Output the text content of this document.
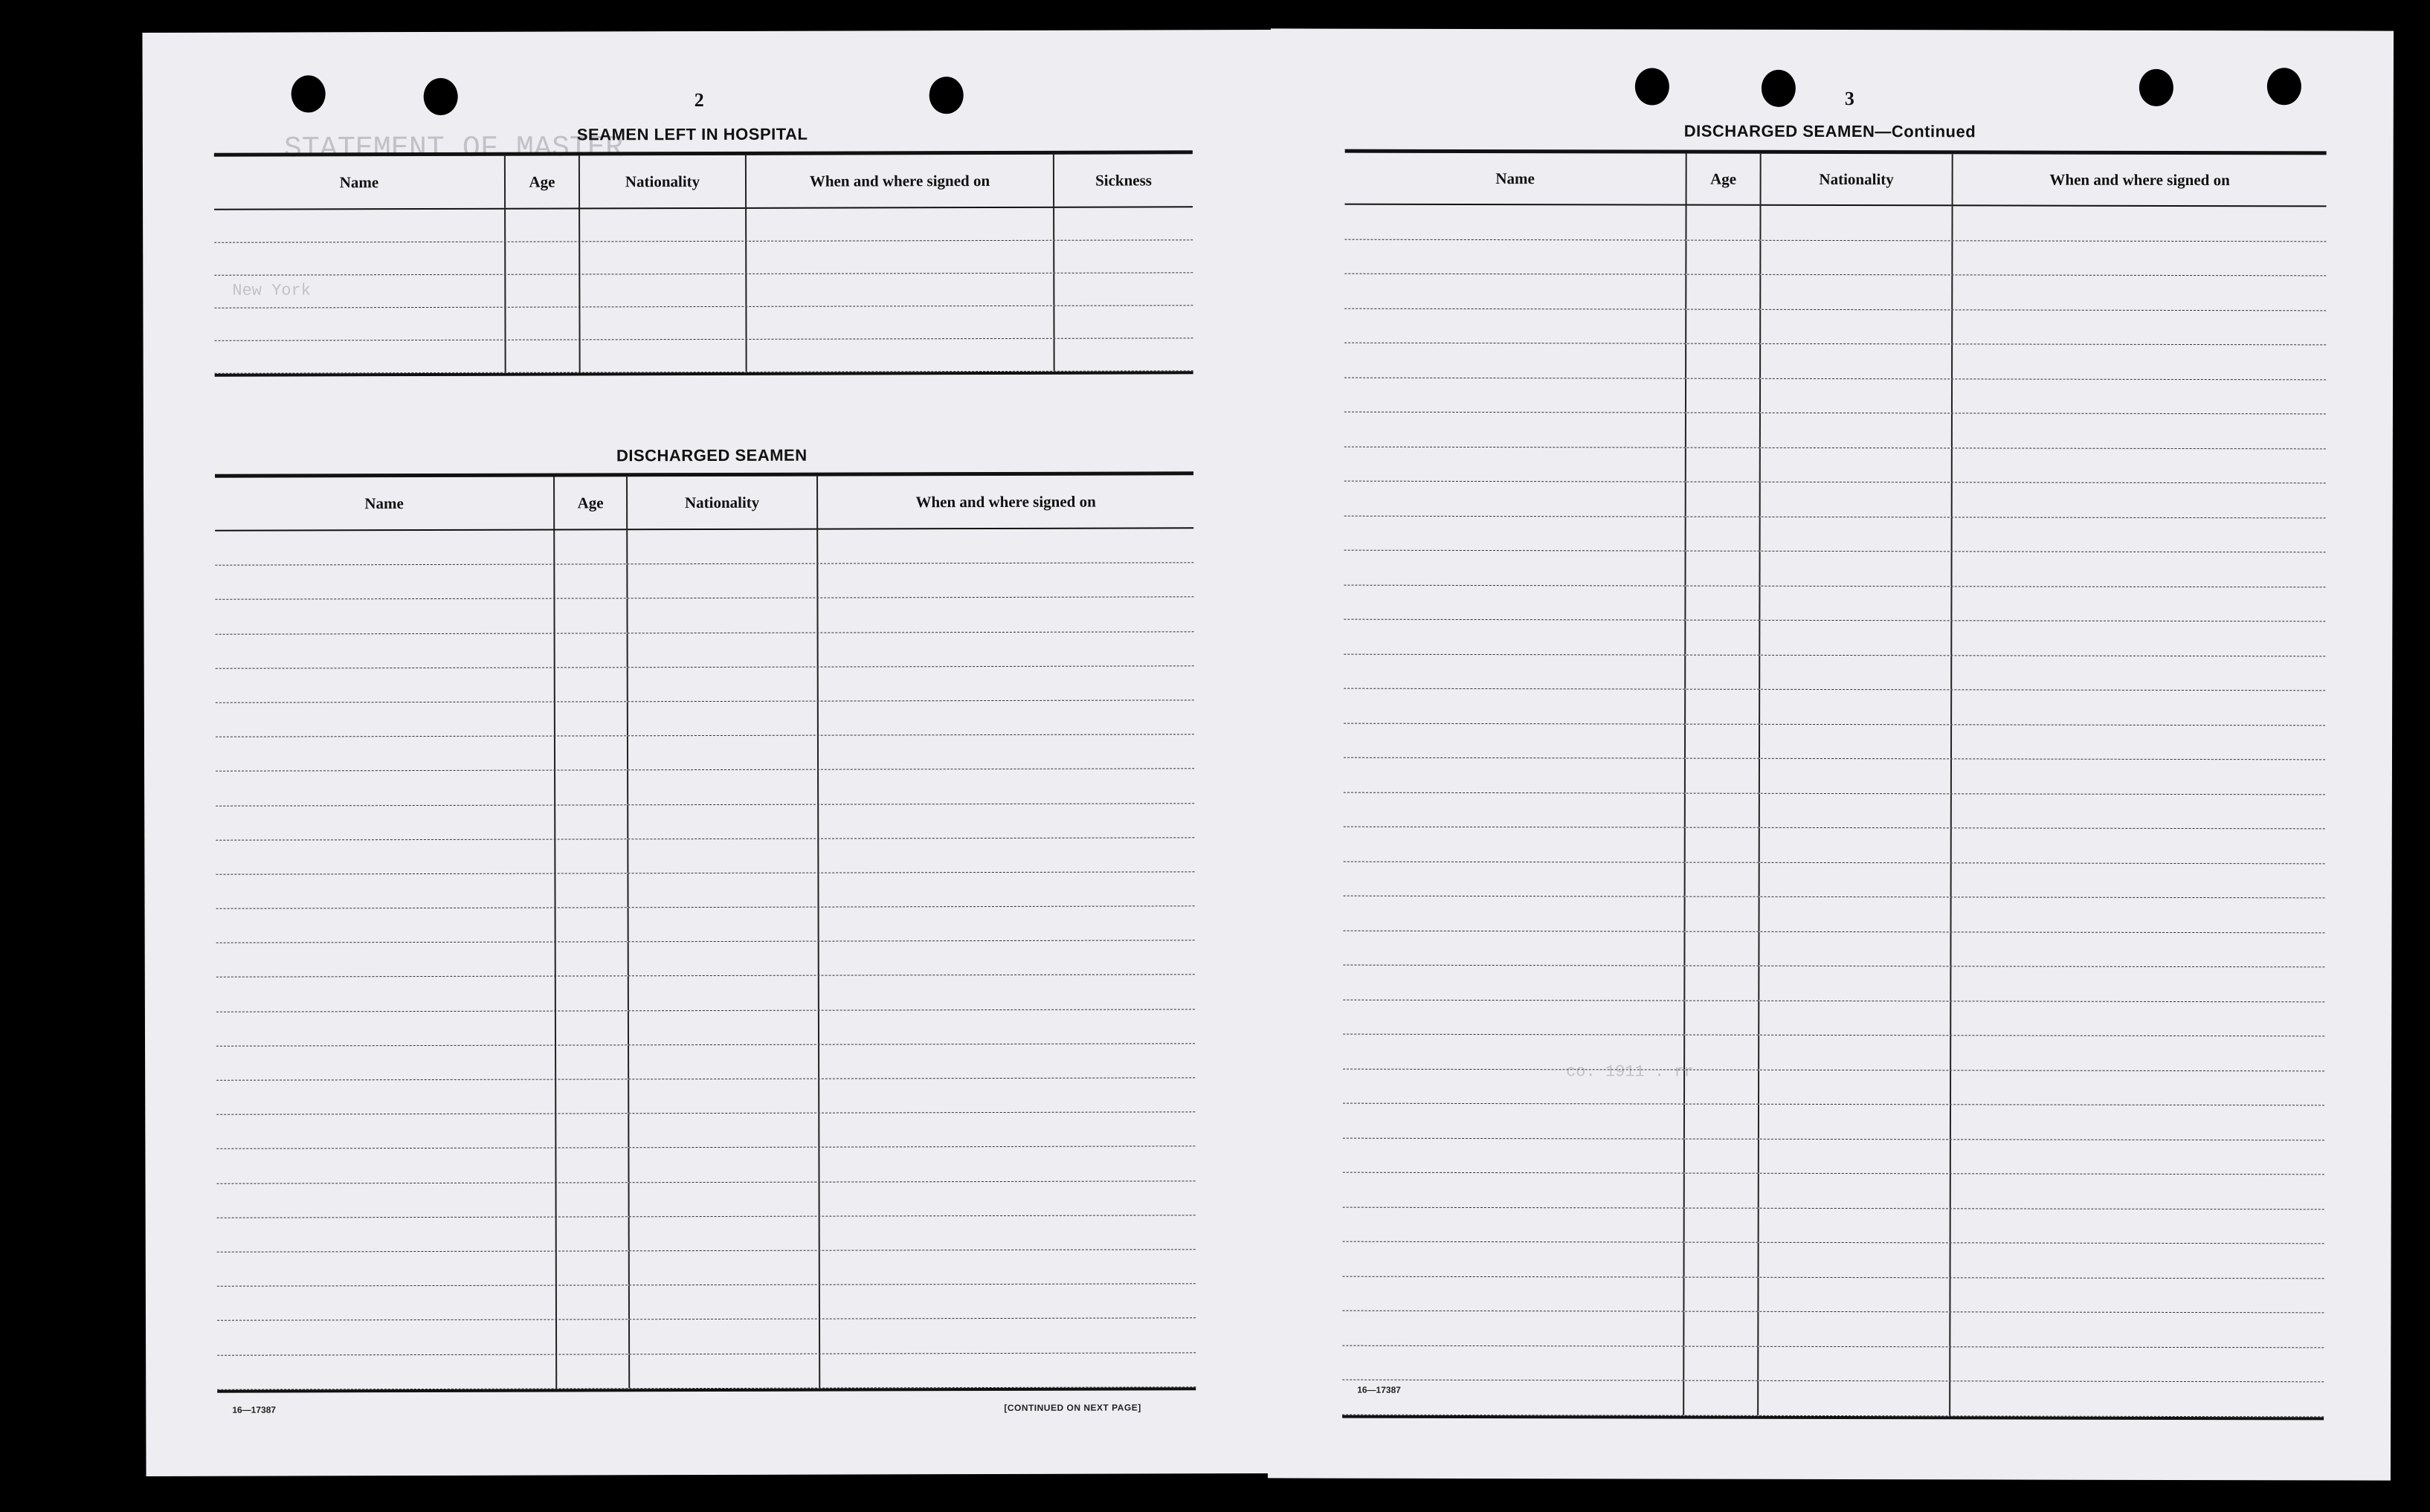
STATEMENT OF MASTER
New York
2
SEAMEN LEFT IN HOSPITAL
Name	Age	Nationality	When and where signed on	Sickness
DISCHARGED SEAMEN
Name	Age	Nationality	When and where signed on
16—17387	[CONTINUED ON NEXT PAGE]
co. 1911 . rr
3
DISCHARGED SEAMEN—Continued
Name	Age	Nationality	When and where signed on
16—17387
